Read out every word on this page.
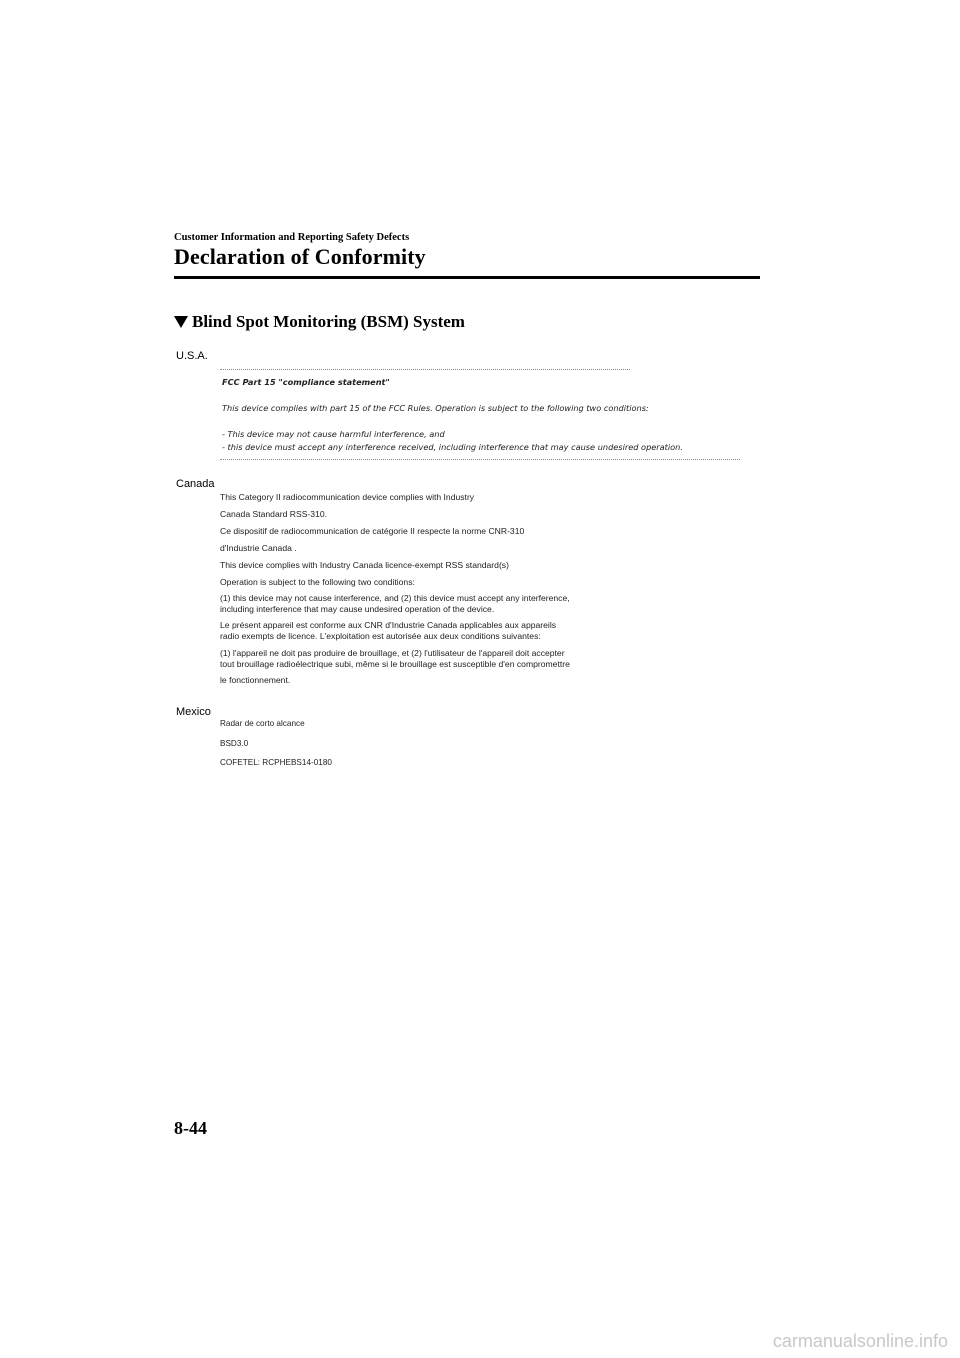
Customer Information and Reporting Safety Defects
Declaration of Conformity
Blind Spot Monitoring (BSM) System
U.S.A.
FCC Part 15 "compliance statement"
This device complies with part 15 of the FCC Rules. Operation is subject to the following two conditions:
- This device may not cause harmful interference, and
- this device must accept any interference received, including interference that may cause undesired operation.
Canada
This Category II radiocommunication device complies with Industry
Canada Standard RSS-310.
Ce dispositif de radiocommunication de catégorie II respecte la norme CNR-310
d'Industrie Canada .
This device complies with Industry Canada licence-exempt RSS standard(s)
Operation is subject to the following two conditions:
(1) this device may not cause interference, and (2) this device must accept any interference,
including interference that may cause undesired operation of the device.
Le présent appareil est conforme aux CNR d'Industrie Canada applicables aux appareils
radio exempts de licence. L'exploitation est autorisée aux deux conditions suivantes:
(1) l'appareil ne doit pas produire de brouillage, et (2) l'utilisateur de l'appareil doit accepter
tout brouillage radioélectrique subi, même si le brouillage est susceptible d'en compromettre
le fonctionnement.
Mexico
Radar de corto alcance
BSD3.0
COFETEL: RCPHEBS14-0180
8-44
carmanualsonline.info
